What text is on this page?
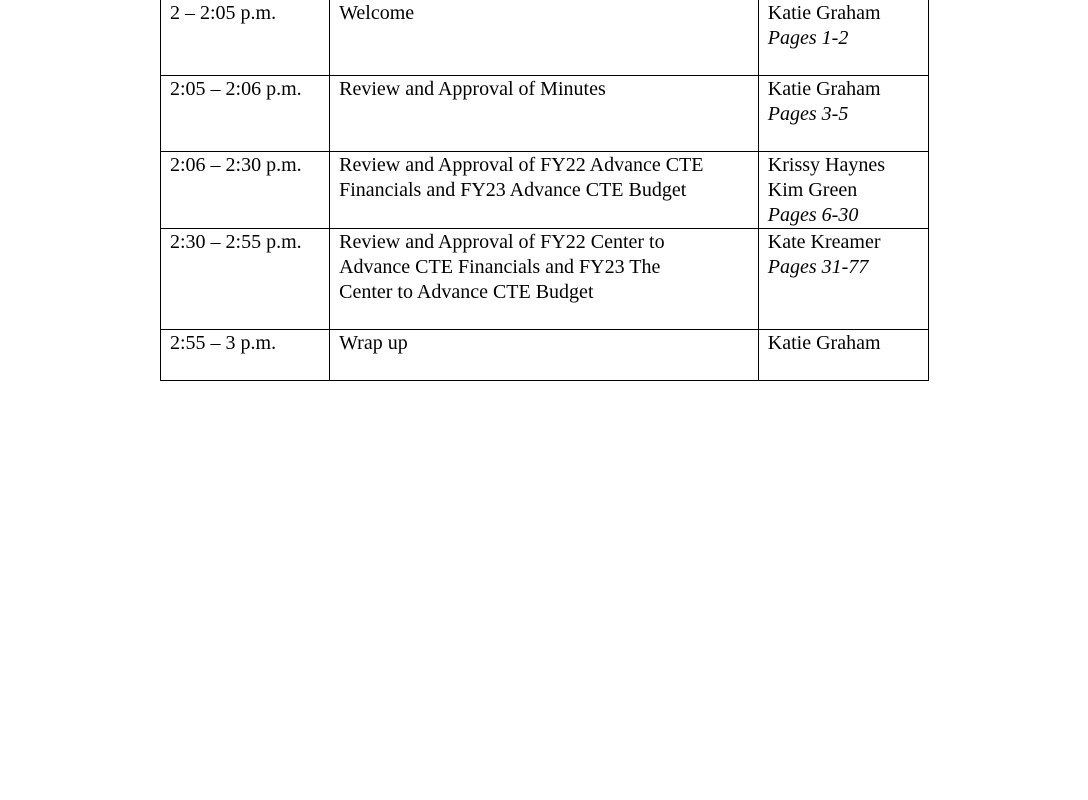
2 – 2:05 p.m.	Welcome	Katie Graham
Pages 1-2

2:05 – 2:06 p.m.	Review and Approval of Minutes	Katie Graham
Pages 3-5

2:06 – 2:30 p.m.	Review and Approval of FY22 Advance CTE
Financials and FY23 Advance CTE Budget	Krissy Haynes
Kim Green
Pages 6-30

2:30 – 2:55 p.m.	Review and Approval of FY22 Center to
Advance CTE Financials and FY23 The
Center to Advance CTE Budget	Kate Kreamer
Pages 31-77

2:55 – 3 p.m.	Wrap up	Katie Graham
